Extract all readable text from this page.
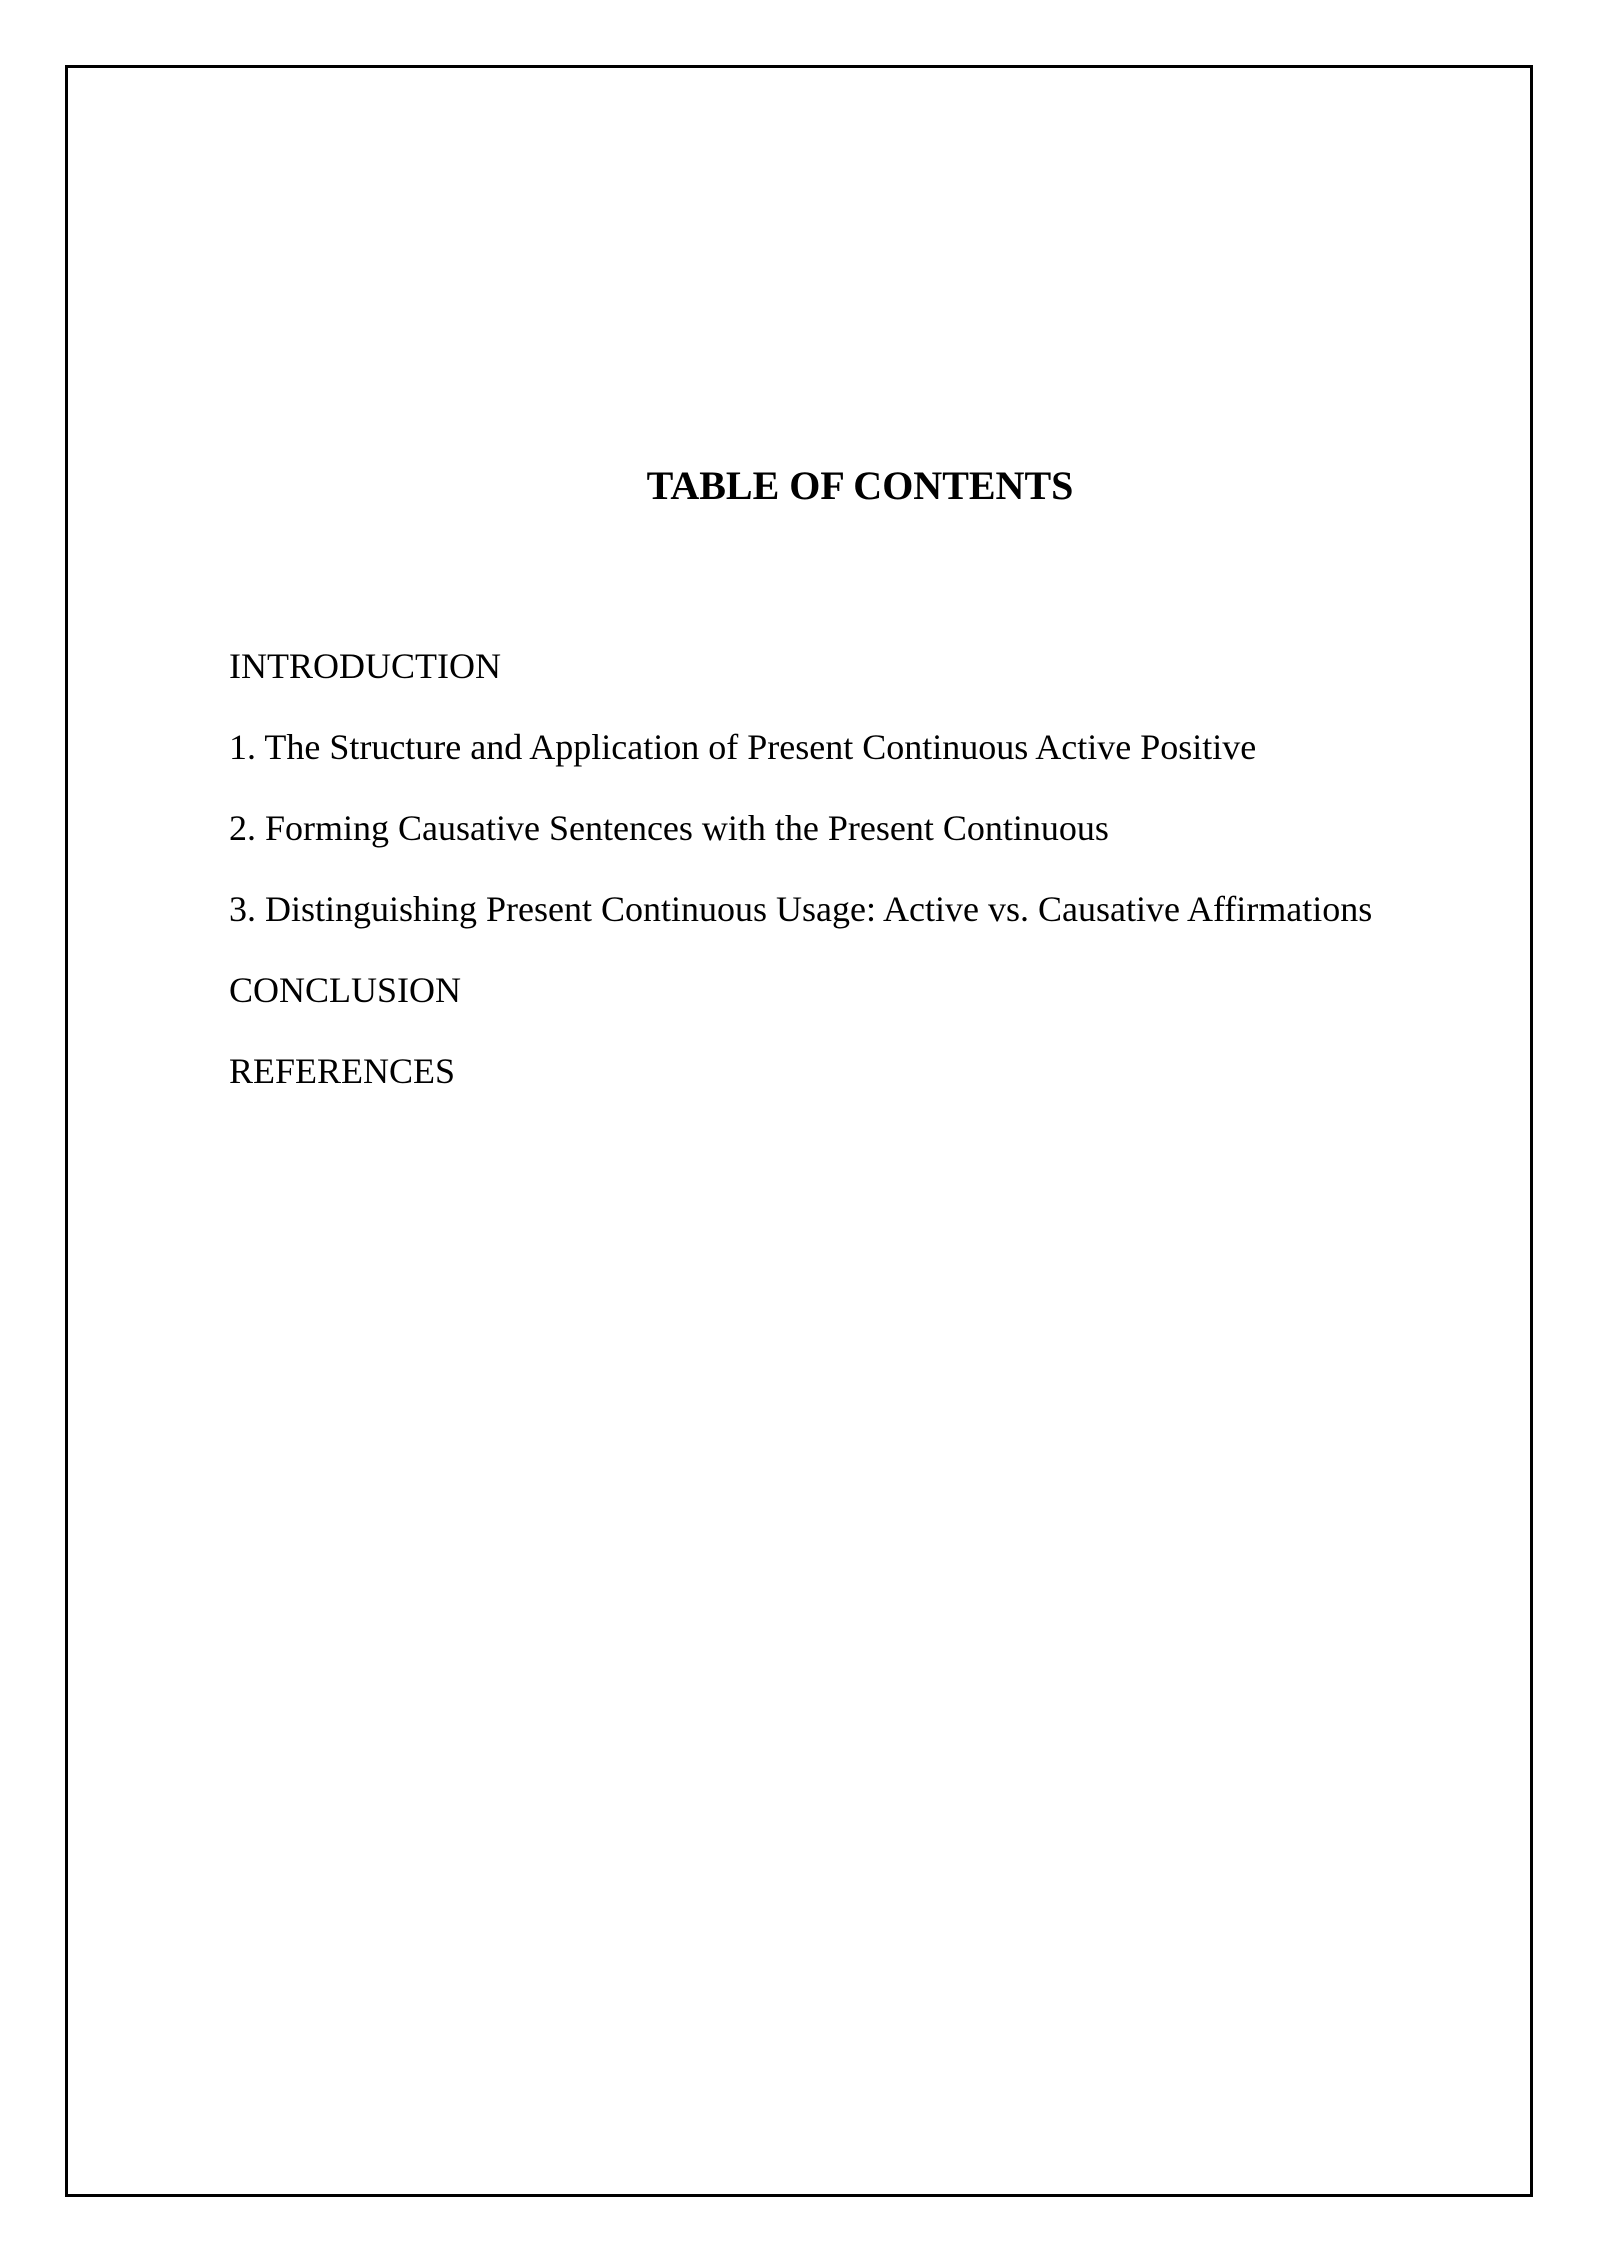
TABLE OF CONTENTS
INTRODUCTION
1. The Structure and Application of Present Continuous Active Positive
2. Forming Causative Sentences with the Present Continuous
3. Distinguishing Present Continuous Usage: Active vs. Causative Affirmations
CONCLUSION
REFERENCES
